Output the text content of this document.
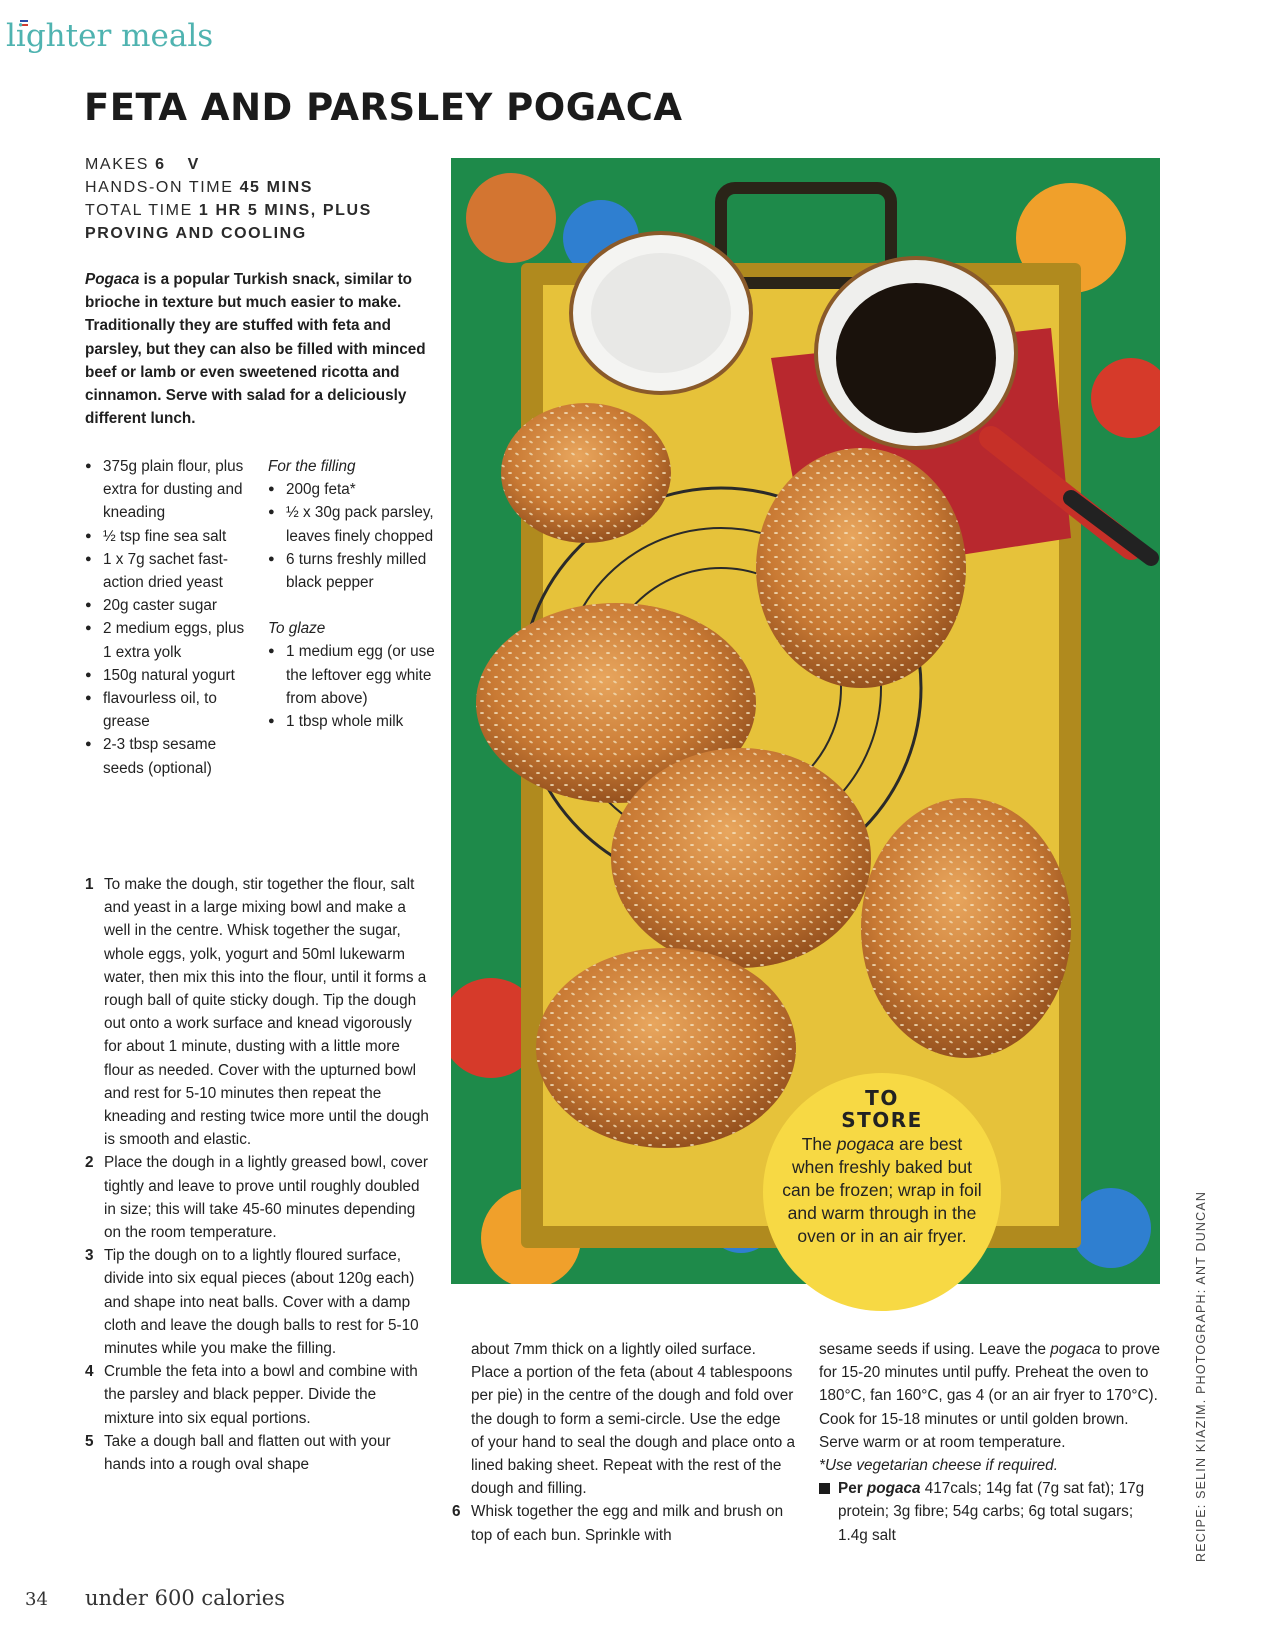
lighter meals
FETA AND PARSLEY POGACA
MAKES 6 V
HANDS-ON TIME 45 MINS
TOTAL TIME 1 HR 5 MINS, PLUS
PROVING AND COOLING

Pogaca is a popular Turkish snack, similar to brioche in texture but much easier to make. Traditionally they are stuffed with feta and parsley, but they can also be filled with minced beef or lamb or even sweetened ricotta and cinnamon. Serve with salad for a deliciously different lunch.

● 375g plain flour, plus extra for dusting and kneading
● ½ tsp fine sea salt
● 1 x 7g sachet fast-action dried yeast
● 20g caster sugar
● 2 medium eggs, plus 1 extra yolk
● 150g natural yogurt
● flavourless oil, to grease
● 2-3 tbsp sesame seeds (optional)
For the filling
● 200g feta*
● ½ x 30g pack parsley, leaves finely chopped
● 6 turns freshly milled black pepper
To glaze
● 1 medium egg (or use the leftover egg white from above)
● 1 tbsp whole milk
1 To make the dough, stir together the flour, salt and yeast in a large mixing bowl and make a well in the centre. Whisk together the sugar, whole eggs, yolk, yogurt and 50ml lukewarm water, then mix this into the flour, until it forms a rough ball of quite sticky dough. Tip the dough out onto a work surface and knead vigorously for about 1 minute, dusting with a little more flour as needed. Cover with the upturned bowl and rest for 5-10 minutes then repeat the kneading and resting twice more until the dough is smooth and elastic.
2 Place the dough in a lightly greased bowl, cover tightly and leave to prove until roughly doubled in size; this will take 45-60 minutes depending on the room temperature.
3 Tip the dough on to a lightly floured surface, divide into six equal pieces (about 120g each) and shape into neat balls. Cover with a damp cloth and leave the dough balls to rest for 5-10 minutes while you make the filling.
4 Crumble the feta into a bowl and combine with the parsley and black pepper. Divide the mixture into six equal portions.
5 Take a dough ball and flatten out with your hands into a rough oval shape
about 7mm thick on a lightly oiled surface. Place a portion of the feta (about 4 tablespoons per pie) in the centre of the dough and fold over the dough to form a semi-circle. Use the edge of your hand to seal the dough and place onto a lined baking sheet. Repeat with the rest of the dough and filling.
6 Whisk together the egg and milk and brush on top of each bun. Sprinkle with

sesame seeds if using. Leave the pogaca to prove for 15-20 minutes until puffy. Preheat the oven to 180°C, fan 160°C, gas 4 (or an air fryer to 170°C). Cook for 15-18 minutes or until golden brown. Serve warm or at room temperature.

*Use vegetarian cheese if required.

Per pogaca 417cals; 14g fat (7g sat fat); 17g protein; 3g fibre; 54g carbs; 6g total sugars; 1.4g salt
TO
STORE
The pogaca are best when freshly baked but can be frozen; wrap in foil and warm through in the oven or in an air fryer.	RECIPE: SELIN KIAZIM. PHOTOGRAPH: ANT DUNCAN
34 under 600 calories
